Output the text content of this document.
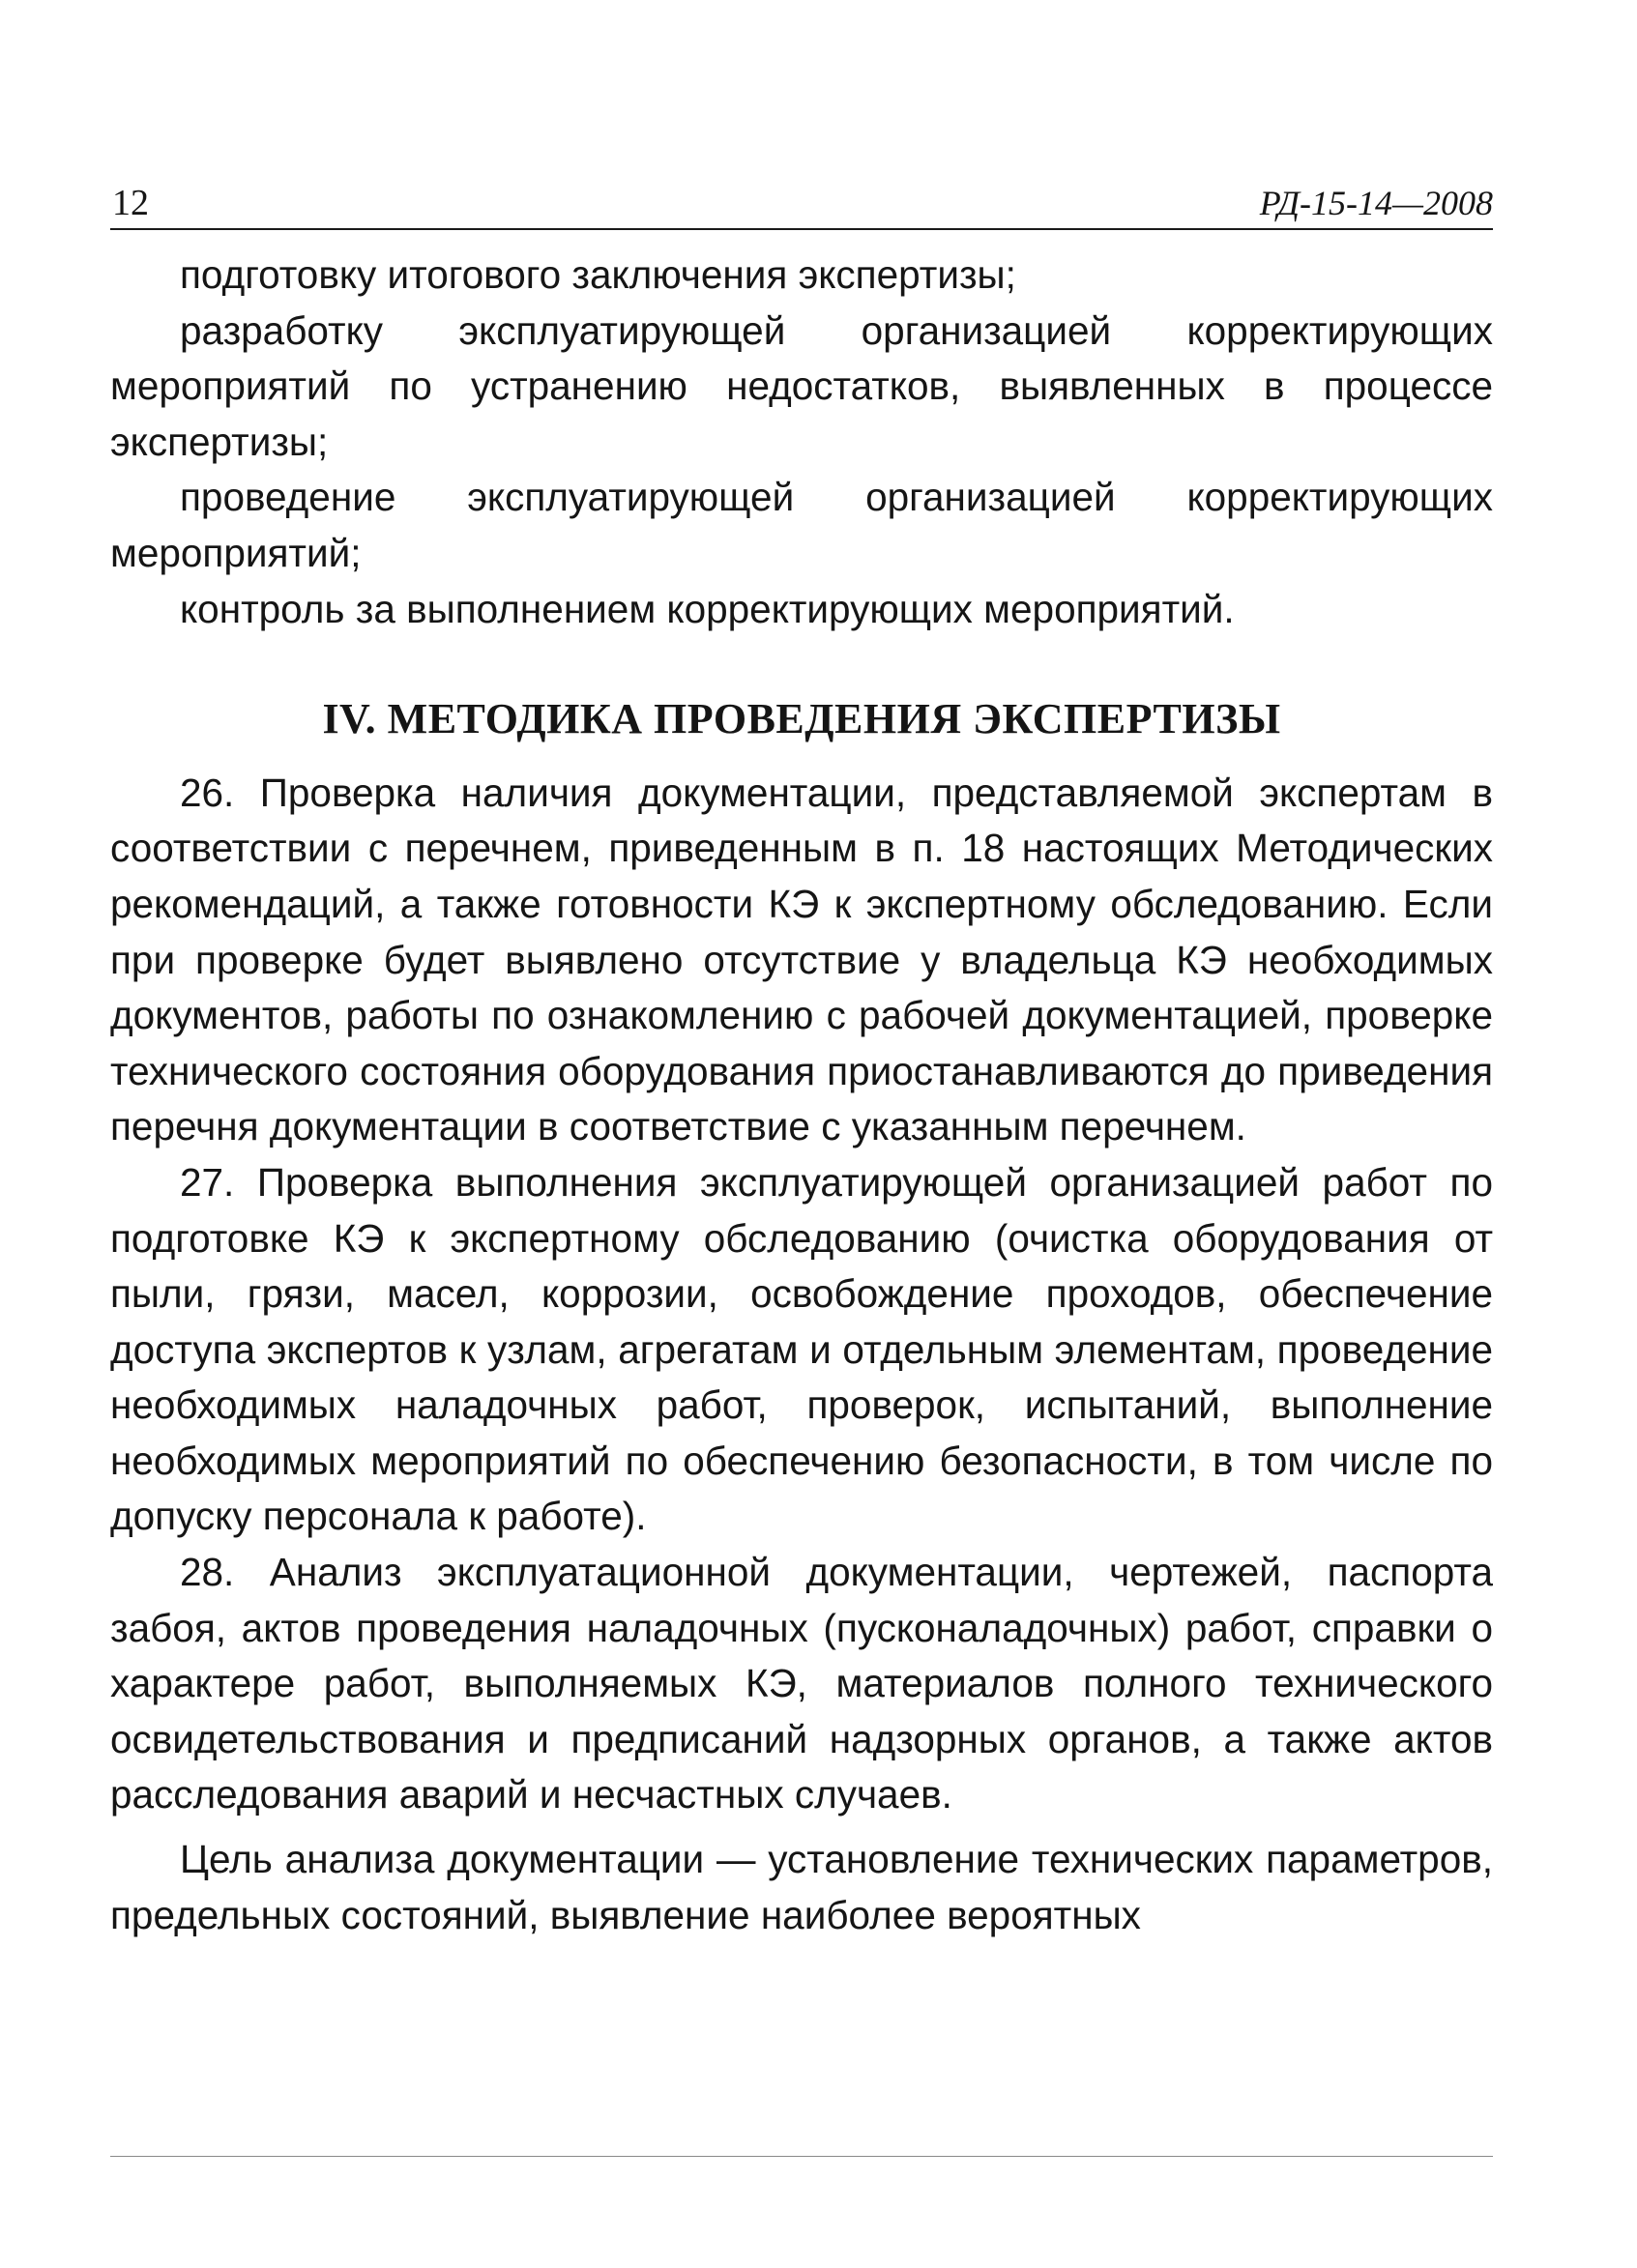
12	РД-15-14—2008

подготовку итогового заключения экспертизы;

разработку эксплуатирующей организацией корректирующих мероприятий по устранению недостатков, выявленных в процессе экспертизы;

проведение эксплуатирующей организацией корректирующих мероприятий;

контроль за выполнением корректирующих мероприятий.

IV. МЕТОДИКА ПРОВЕДЕНИЯ ЭКСПЕРТИЗЫ

26. Проверка наличия документации, представляемой экспертам в соответствии с перечнем, приведенным в п. 18 настоящих Методических рекомендаций, а также готовности КЭ к экспертному обследованию. Если при проверке будет выявлено отсутствие у владельца КЭ необходимых документов, работы по ознакомлению с рабочей документацией, проверке технического состояния оборудования приостанавливаются до приведения перечня документации в соответствие с указанным перечнем.

27. Проверка выполнения эксплуатирующей организацией работ по подготовке КЭ к экспертному обследованию (очистка оборудования от пыли, грязи, масел, коррозии, освобождение проходов, обеспечение доступа экспертов к узлам, агрегатам и отдельным элементам, проведение необходимых наладочных работ, проверок, испытаний, выполнение необходимых мероприятий по обеспечению безопасности, в том числе по допуску персонала к работе).

28. Анализ эксплуатационной документации, чертежей, паспорта забоя, актов проведения наладочных (пусконаладочных) работ, справки о характере работ, выполняемых КЭ, материалов полного технического освидетельствования и предписаний надзорных органов, а также актов расследования аварий и несчастных случаев.

Цель анализа документации — установление технических параметров, предельных состояний, выявление наиболее вероятных
